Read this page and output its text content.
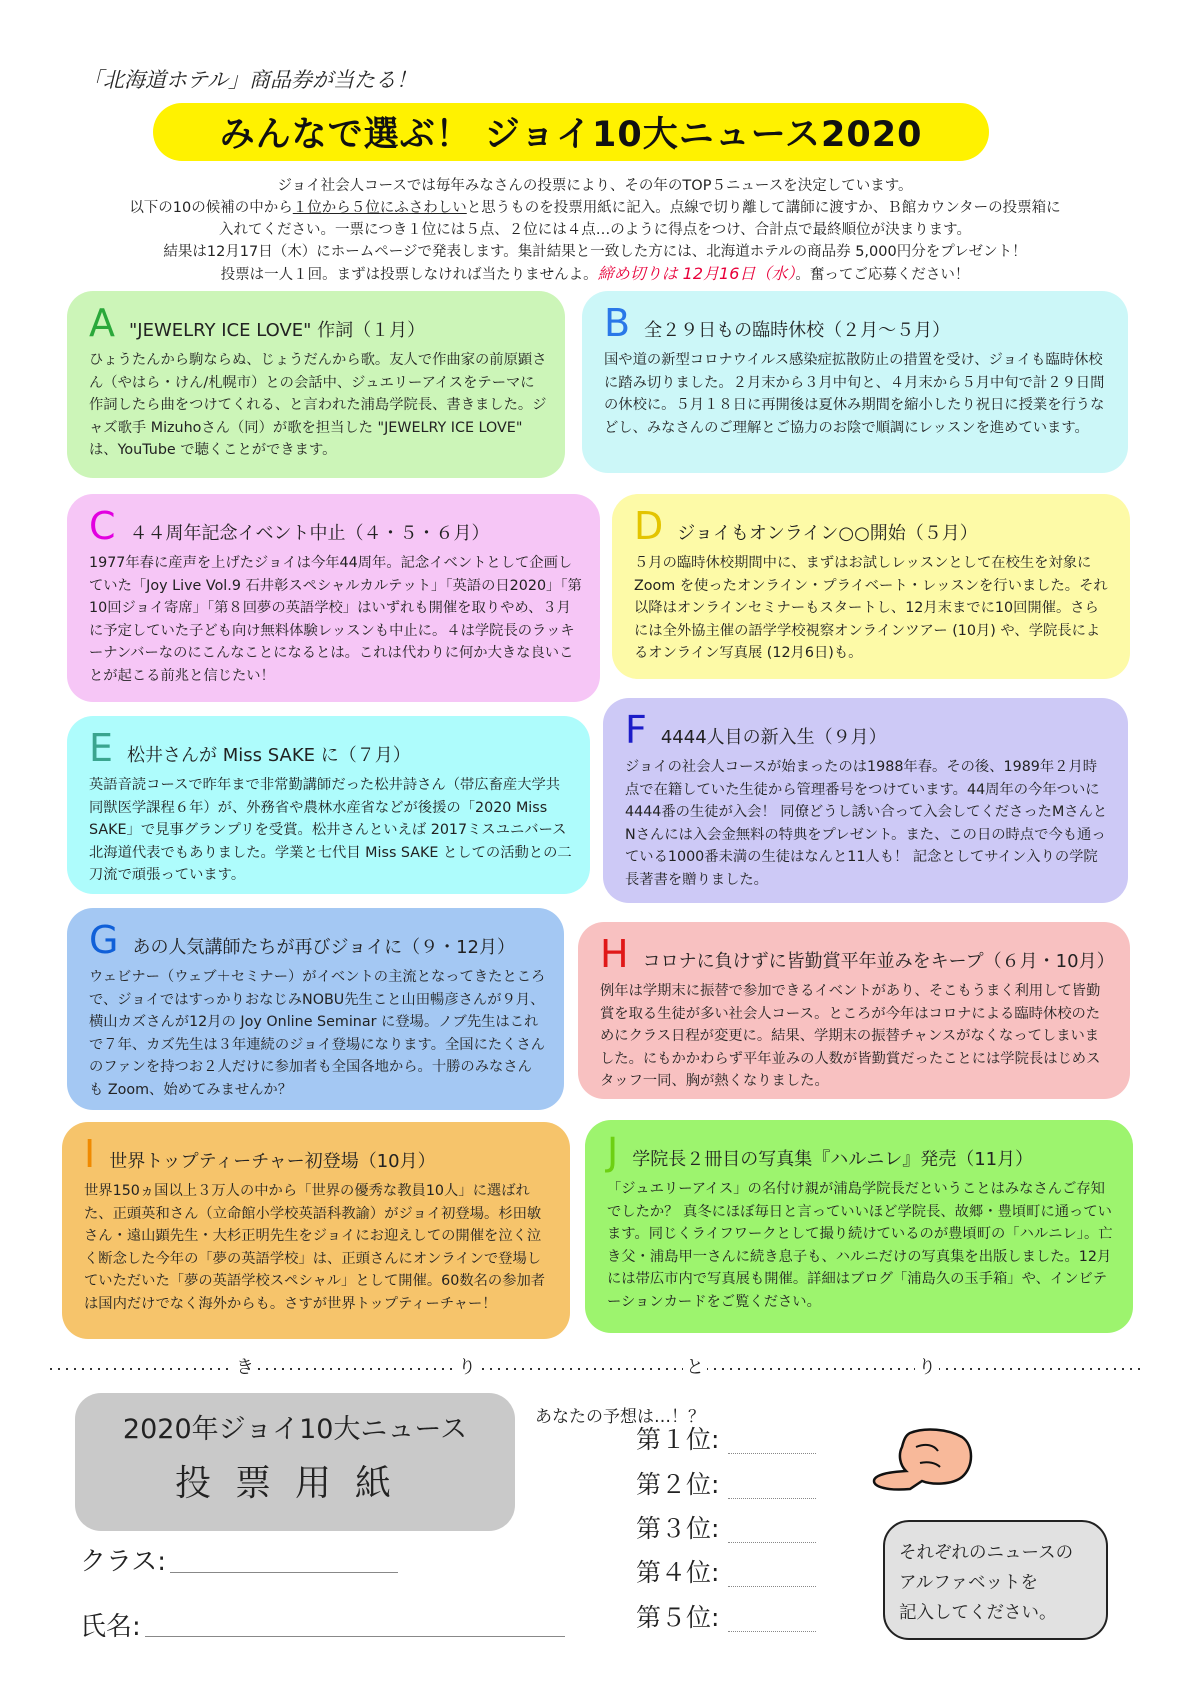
「北海道ホテル」商品券が当たる！
みんなで選ぶ！ ジョイ10大ニュース2020
ジョイ社会人コースでは毎年みなさんの投票により、その年のTOP５ニュースを決定しています。
以下の10の候補の中から１位から５位にふさわしいと思うものを投票用紙に記入。点線で切り離して講師に渡すか、Ｂ館カウンターの投票箱に
入れてください。一票につき１位には５点、２位には４点…のように得点をつけ、合計点で最終順位が決まります。
結果は12月17日（木）にホームページで発表します。集計結果と一致した方には、北海道ホテルの商品券 5,000円分をプレゼント！
投票は一人１回。まずは投票しなければ当たりませんよ。締め切りは 12月16日（水）。奮ってご応募ください！
A "JEWELRY ICE LOVE" 作詞（１月）
ひょうたんから駒ならぬ、じょうだんから歌。友人で作曲家の前原顕さん（やはら・けん/札幌市）との会話中、ジュエリーアイスをテーマに作詞したら曲をつけてくれる、と言われた浦島学院長、書きました。ジャズ歌手 Mizuhoさん（同）が歌を担当した "JEWELRY ICE LOVE" は、YouTube で聴くことができます。
B 全２９日もの臨時休校（２月～５月）
国や道の新型コロナウイルス感染症拡散防止の措置を受け、ジョイも臨時休校に踏み切りました。２月末から３月中旬と、４月末から５月中旬で計２９日間の休校に。５月１８日に再開後は夏休み期間を縮小したり祝日に授業を行うなどし、みなさんのご理解とご協力のお陰で順調にレッスンを進めています。
C ４４周年記念イベント中止（４・５・６月）
1977年春に産声を上げたジョイは今年44周年。記念イベントとして企画していた「Joy Live Vol.9 石井彰スペシャルカルテット」「英語の日2020」「第10回ジョイ寄席」「第８回夢の英語学校」はいずれも開催を取りやめ、３月に予定していた子ども向け無料体験レッスンも中止に。４は学院長のラッキーナンバーなのにこんなことになるとは。これは代わりに何か大きな良いことが起こる前兆と信じたい！
D ジョイもオンライン○○開始（５月）
５月の臨時休校期間中に、まずはお試しレッスンとして在校生を対象に Zoom を使ったオンライン・プライベート・レッスンを行いました。それ以降はオンラインセミナーもスタートし、12月末までに10回開催。さらには全外協主催の語学学校視察オンラインツアー (10月) や、学院長によるオンライン写真展 (12月6日)も。
E 松井さんが Miss SAKE に（７月）
英語音読コースで昨年まで非常勤講師だった松井詩さん（帯広畜産大学共同獣医学課程６年）が、外務省や農林水産省などが後援の「2020 Miss SAKE」で見事グランプリを受賞。松井さんといえば 2017ミスユニバース北海道代表でもありました。学業と七代目 Miss SAKE としての活動との二刀流で頑張っています。
F 4444人目の新入生（９月）
ジョイの社会人コースが始まったのは1988年春。その後、1989年２月時点で在籍していた生徒から管理番号をつけています。44周年の今年ついに4444番の生徒が入会！ 同僚どうし誘い合って入会してくださったMさんとNさんには入会金無料の特典をプレゼント。また、この日の時点で今も通っている1000番未満の生徒はなんと11人も！ 記念としてサイン入りの学院長著書を贈りました。
G あの人気講師たちが再びジョイに（９・12月）
ウェビナー（ウェブ＋セミナー）がイベントの主流となってきたところで、ジョイではすっかりおなじみNOBU先生こと山田暢彦さんが９月、横山カズさんが12月の Joy Online Seminar に登場。ノブ先生はこれで７年、カズ先生は３年連続のジョイ登場になります。全国にたくさんのファンを持つお２人だけに参加者も全国各地から。十勝のみなさんも Zoom、始めてみませんか？
H コロナに負けずに皆勤賞平年並みをキープ（６月・10月）
例年は学期末に振替で参加できるイベントがあり、そこもうまく利用して皆勤賞を取る生徒が多い社会人コース。ところが今年はコロナによる臨時休校のためにクラス日程が変更に。結果、学期末の振替チャンスがなくなってしまいました。にもかかわらず平年並みの人数が皆勤賞だったことには学院長はじめスタッフ一同、胸が熱くなりました。
I 世界トップティーチャー初登場（10月）
世界150ヵ国以上３万人の中から「世界の優秀な教員10人」に選ばれた、正頭英和さん（立命館小学校英語科教諭）がジョイ初登場。杉田敏さん・遠山顕先生・大杉正明先生をジョイにお迎えしての開催を泣く泣く断念した今年の「夢の英語学校」は、正頭さんにオンラインで登場していただいた「夢の英語学校スペシャル」として開催。60数名の参加者は国内だけでなく海外からも。さすが世界トップティーチャー！
J 学院長２冊目の写真集『ハルニレ』発売（11月）
「ジュエリーアイス」の名付け親が浦島学院長だということはみなさんご存知でしたか？ 真冬にほぼ毎日と言っていいほど学院長、故郷・豊頃町に通っています。同じくライフワークとして撮り続けているのが豊頃町の「ハルニレ」。亡き父・浦島甲一さんに続き息子も、ハルニだけの写真集を出版しました。12月には帯広市内で写真展も開催。詳細はブログ「浦島久の玉手箱」や、インビテーションカードをご覧ください。
き	り	と	り
2020年ジョイ10大ニュース
投票用紙
クラス:
氏名:
あなたの予想は…！？
第１位:
第２位:
第３位:
第４位:
第５位:
それぞれのニュースの
アルファベットを
記入してください。
